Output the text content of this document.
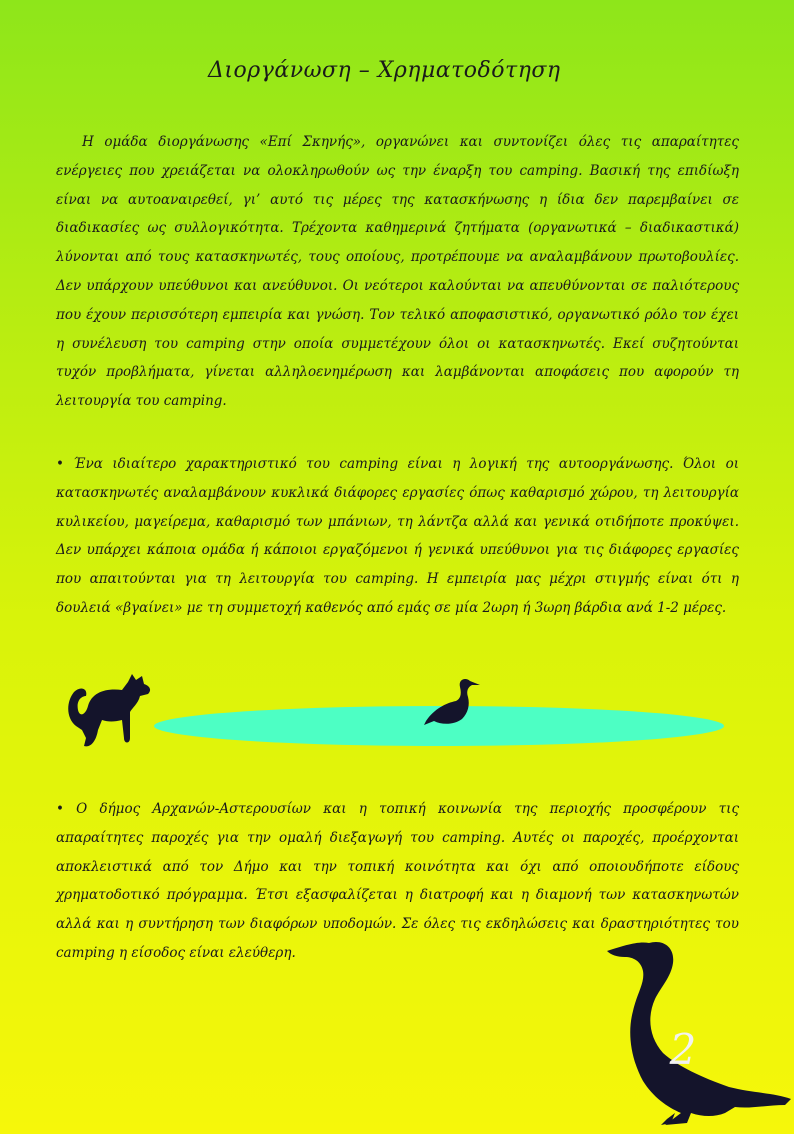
Διοργάνωση – Χρηματοδότηση

Η ομάδα διοργάνωσης «Επί Σκηνής», οργανώνει και συντονίζει όλες τις απαραίτητες ενέργειες που χρειάζεται να ολοκληρωθούν ως την έναρξη του camping. Βασική της επιδίωξη είναι να αυτοαναιρεθεί, γι’ αυτό τις μέρες της κατασκήνωσης η ίδια δεν παρεμβαίνει σε διαδικασίες ως συλλογικότητα. Τρέχοντα καθημερινά ζητήματα (οργανωτικά – διαδικαστικά) λύνονται από τους κατασκηνωτές, τους οποίους, προτρέπουμε να αναλαμβάνουν πρωτοβουλίες. Δεν υπάρχουν υπεύθυνοι και ανεύθυνοι. Οι νεότεροι καλούνται να απευθύνονται σε παλιότερους που έχουν περισσότερη εμπειρία και γνώση. Τον τελικό αποφασιστικό, οργανωτικό ρόλο τον έχει η συνέλευση του camping στην οποία συμμετέχουν όλοι οι κατασκηνωτές. Εκεί συζητούνται τυχόν προβλήματα, γίνεται αλληλοενημέρωση και λαμβάνονται αποφάσεις που αφορούν τη λειτουργία του camping.

• Ένα ιδιαίτερο χαρακτηριστικό του camping είναι η λογική της αυτοοργάνωσης. Όλοι οι κατασκηνωτές αναλαμβάνουν κυκλικά διάφορες εργασίες όπως καθαρισμό χώρου, τη λειτουργία κυλικείου, μαγείρεμα, καθαρισμό των μπάνιων, τη λάντζα αλλά και γενικά οτιδήποτε προκύψει. Δεν υπάρχει κάποια ομάδα ή κάποιοι εργαζόμενοι ή γενικά υπεύθυνοι για τις διάφορες εργασίες που απαιτούνται για τη λειτουργία του camping. Η εμπειρία μας μέχρι στιγμής είναι ότι η δουλειά «βγαίνει» με τη συμμετοχή καθενός από εμάς σε μία 2ωρη ή 3ωρη βάρδια ανά 1-2 μέρες.

• Ο δήμος Αρχανών-Αστερουσίων και η τοπική κοινωνία της περιοχής προσφέρουν τις απαραίτητες παροχές για την ομαλή διεξαγωγή του camping. Αυτές οι παροχές, προέρχονται αποκλειστικά από τον Δήμο και την τοπική κοινότητα και όχι από οποιουδήποτε είδους χρηματοδοτικό πρόγραμμα. Έτσι εξασφαλίζεται η διατροφή και η διαμονή των κατασκηνωτών αλλά και η συντήρηση των διαφόρων υποδομών. Σε όλες τις εκδηλώσεις και δραστηριότητες του camping η είσοδος είναι ελεύθερη.

2
